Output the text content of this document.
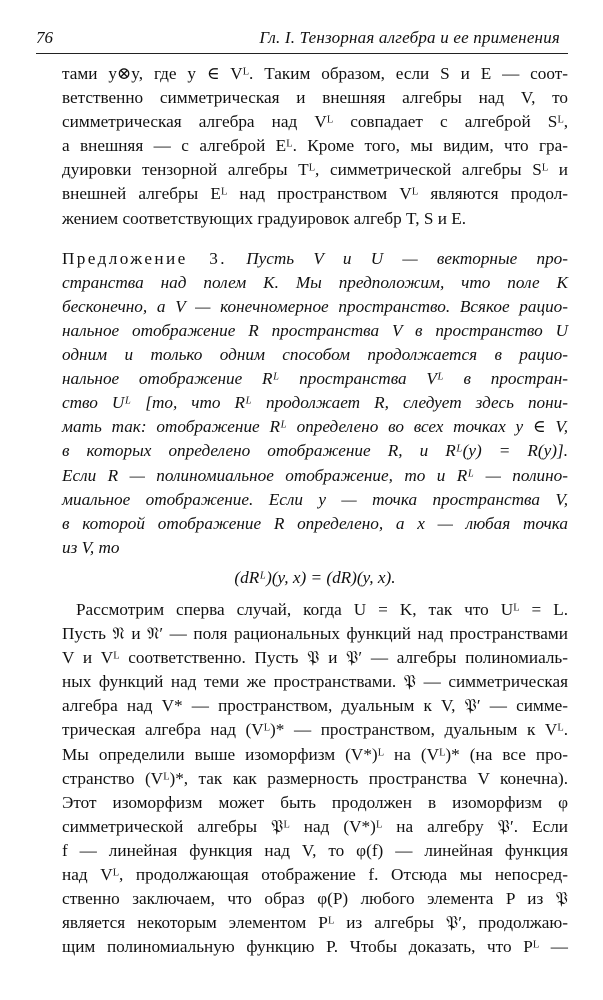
76	Гл. I. Тензорная алгебра и ее применения

тами y⊗y, где y ∈ Vᴸ. Таким образом, если S и E — соот-
ветственно симметрическая и внешняя алгебры над V, то
симметрическая алгебра над Vᴸ совпадает с алгеброй Sᴸ,
а внешняя — с алгеброй Eᴸ. Кроме того, мы видим, что гра-
дуировки тензорной алгебры Tᴸ, симметрической алгебры Sᴸ и
внешней алгебры Eᴸ над пространством Vᴸ являются продол-
жением соответствующих градуировок алгебр T, S и E.

Предложение 3. Пусть V и U — векторные про-
странства над полем K. Мы предположим, что поле K
бесконечно, а V — конечномерное пространство. Всякое рацио-
нальное отображение R пространства V в пространство U
одним и только одним способом продолжается в рацио-
нальное отображение Rᴸ пространства Vᴸ в простран-
ство Uᴸ [то, что Rᴸ продолжает R, следует здесь пони-
мать так: отображение Rᴸ определено во всех точках y ∈ V,
в которых определено отображение R, и Rᴸ(y) = R(y)].
Если R — полиномиальное отображение, то и Rᴸ — полино-
миальное отображение. Если y — точка пространства V,
в которой отображение R определено, а x — любая точка
из V, то

(dRᴸ)(y, x) = (dR)(y, x).

Рассмотрим сперва случай, когда U = K, так что Uᴸ = L.
Пусть 𝔑 и 𝔑′ — поля рациональных функций над пространствами
V и Vᴸ соответственно. Пусть 𝔓 и 𝔓′ — алгебры полиномиаль-
ных функций над теми же пространствами. 𝔓 — симметрическая
алгебра над V* — пространством, дуальным к V, 𝔓′ — симме-
трическая алгебра над (Vᴸ)* — пространством, дуальным к Vᴸ.
Мы определили выше изоморфизм (V*)ᴸ на (Vᴸ)* (на все про-
странство (Vᴸ)*, так как размерность пространства V конечна).
Этот изоморфизм может быть продолжен в изоморфизм φ
симметрической алгебры 𝔓ᴸ над (V*)ᴸ на алгебру 𝔓′. Если
f — линейная функция над V, то φ(f) — линейная функция
над Vᴸ, продолжающая отображение f. Отсюда мы непосред-
ственно заключаем, что образ φ(P) любого элемента P из 𝔓
является некоторым элементом Pᴸ из алгебры 𝔓′, продолжаю-
щим полиномиальную функцию P. Чтобы доказать, что Pᴸ —
